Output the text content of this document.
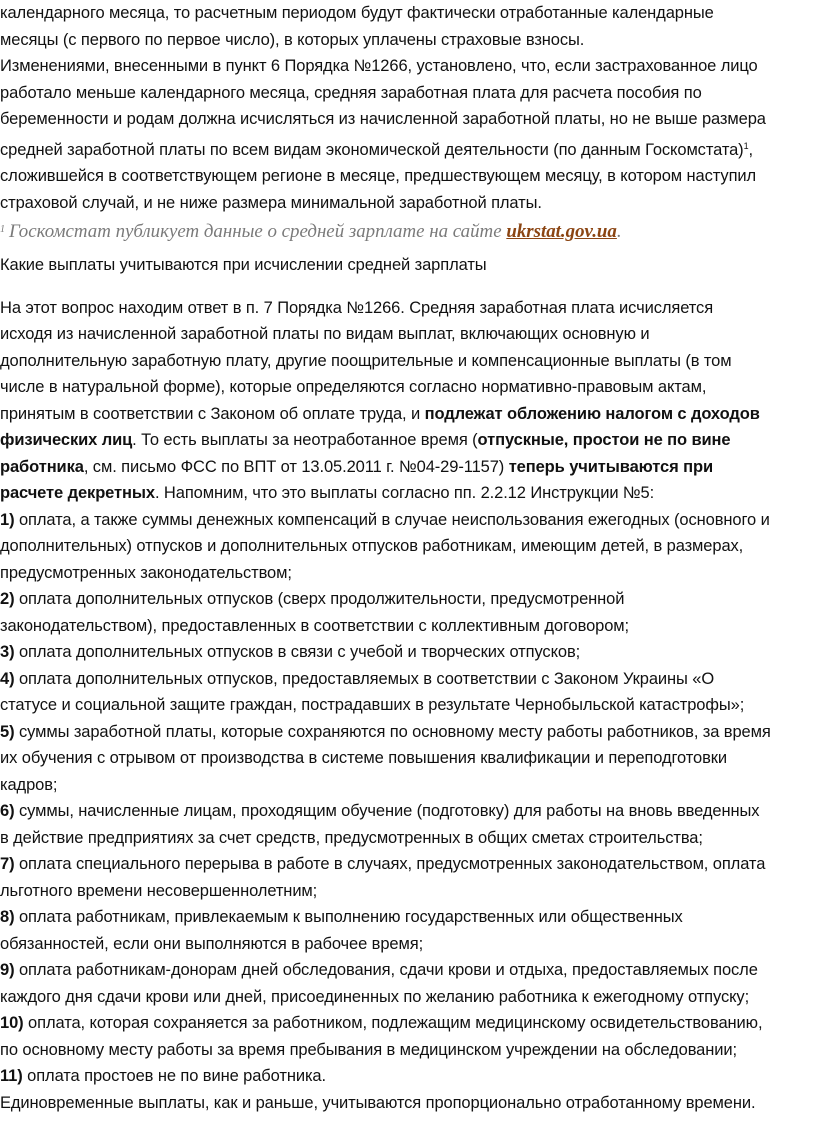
календарного месяца, то расчетным периодом будут фактически отработанные календарные

месяцы (с первого по первое число), в которых уплачены страховые взносы.

Изменениями, внесенными в пункт 6 Порядка №1266, установлено, что, если застрахованное лицо

работало меньше календарного месяца, средняя заработная плата для расчета пособия по

беременности и родам должна исчисляться из начисленной заработной платы, но не выше размера

средней заработной платы по всем видам экономической деятельности (по данным Госкомстата)$^1$,

сложившейся в соответствующем регионе в месяце, предшествующем месяцу, в котором наступил

страховой случай, и не ниже размера минимальной заработной платы.

$^1$ Госкомстат публикует данные о средней зарплате на сайте ukrstat.gov.ua.

Какие выплаты учитываются при исчислении средней зарплаты

На этот вопрос находим ответ в п. 7 Порядка №1266. Средняя заработная плата исчисляется

исходя из начисленной заработной платы по видам выплат, включающих основную и

дополнительную заработную плату, другие поощрительные и компенсационные выплаты (в том

числе в натуральной форме), которые определяются согласно нормативно-правовым актам,

принятым в соответствии с Законом об оплате труда, и подлежат обложению налогом с доходов

физических лиц. То есть выплаты за неотработанное время (отпускные, простои не по вине

работника, см. письмо ФСС по ВПТ от 13.05.2011 г. №04-29-1157) теперь учитываются при

расчете декретных. Напомним, что это выплаты согласно пп. 2.2.12 Инструкции №5:

1) оплата, а также суммы денежных компенсаций в случае неиспользования ежегодных (основного и

дополнительных) отпусков и дополнительных отпусков работникам, имеющим детей, в размерах,

предусмотренных законодательством;

2) оплата дополнительных отпусков (сверх продолжительности, предусмотренной

законодательством), предоставленных в соответствии с коллективным договором;

3) оплата дополнительных отпусков в связи с учебой и творческих отпусков;

4) оплата дополнительных отпусков, предоставляемых в соответствии с Законом Украины «О

статусе и социальной защите граждан, пострадавших в результате Чернобыльской катастрофы»;

5) суммы заработной платы, которые сохраняются по основному месту работы работников, за время

их обучения с отрывом от производства в системе повышения квалификации и переподготовки

кадров;

6) суммы, начисленные лицам, проходящим обучение (подготовку) для работы на вновь введенных

в действие предприятиях за счет средств, предусмотренных в общих сметах строительства;

7) оплата специального перерыва в работе в случаях, предусмотренных законодательством, оплата

льготного времени несовершеннолетним;

8) оплата работникам, привлекаемым к выполнению государственных или общественных

обязанностей, если они выполняются в рабочее время;

9) оплата работникам-донорам дней обследования, сдачи крови и отдыха, предоставляемых после

каждого дня сдачи крови или дней, присоединенных по желанию работника к ежегодному отпуску;

10) оплата, которая сохраняется за работником, подлежащим медицинскому освидетельствованию,

по основному месту работы за время пребывания в медицинском учреждении на обследовании;

11) оплата простоев не по вине работника.

Единовременные выплаты, как и раньше, учитываются пропорционально отработанному времени.
